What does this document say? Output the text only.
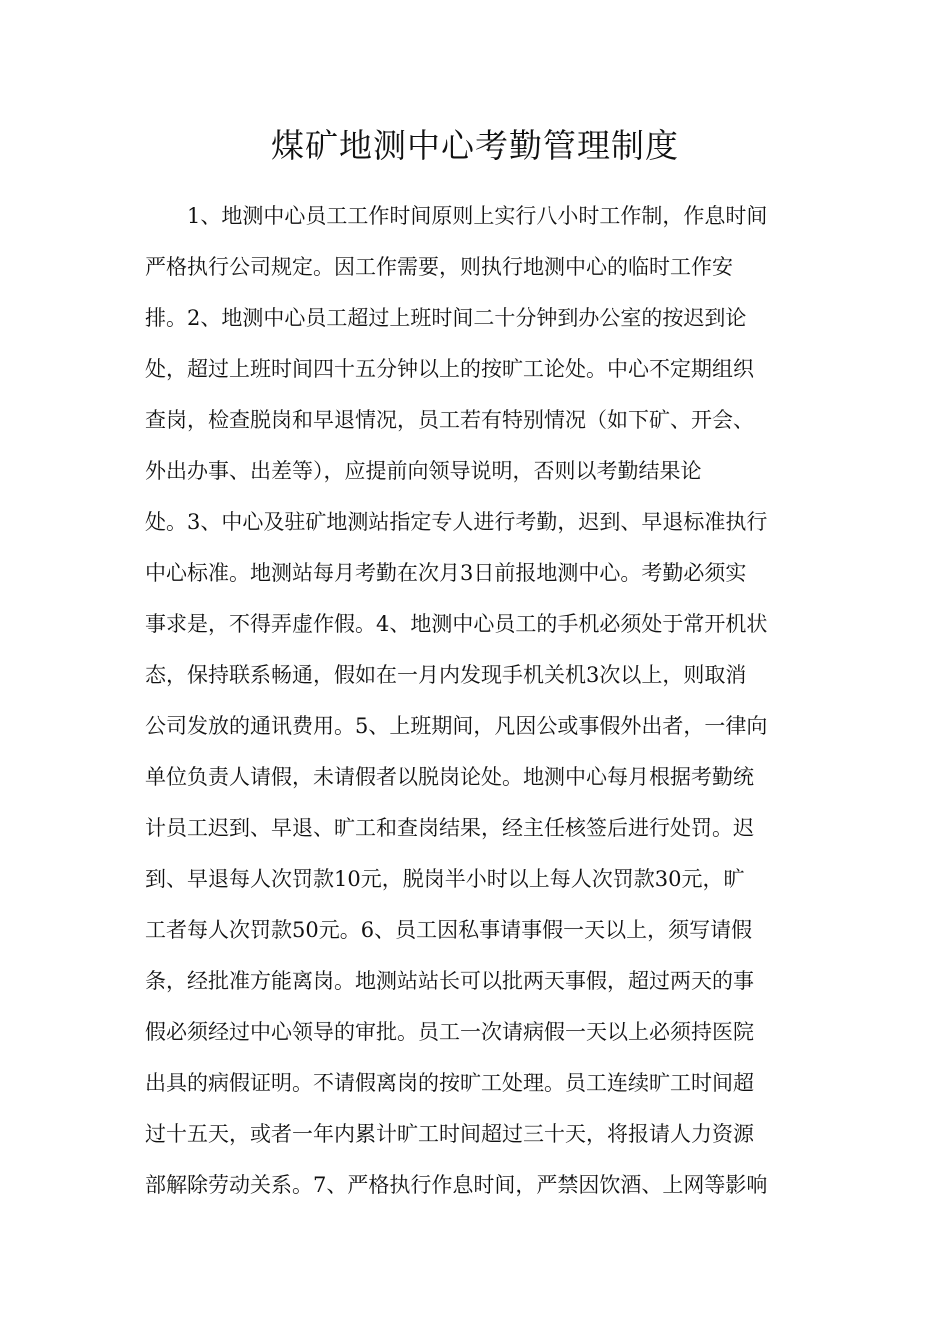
煤矿地测中心考勤管理制度
1、地测中心员工工作时间原则上实行八小时工作制，作息时间
严格执行公司规定。因工作需要，则执行地测中心的临时工作安
排。2、地测中心员工超过上班时间二十分钟到办公室的按迟到论
处，超过上班时间四十五分钟以上的按旷工论处。中心不定期组织
查岗，检查脱岗和早退情况，员工若有特别情况（如下矿、开会、
外出办事、出差等），应提前向领导说明，否则以考勤结果论
处。3、中心及驻矿地测站指定专人进行考勤，迟到、早退标准执行
中心标准。地测站每月考勤在次月3日前报地测中心。考勤必须实
事求是，不得弄虚作假。4、地测中心员工的手机必须处于常开机状
态，保持联系畅通，假如在一月内发现手机关机3次以上，则取消
公司发放的通讯费用。5、上班期间，凡因公或事假外出者，一律向
单位负责人请假，未请假者以脱岗论处。地测中心每月根据考勤统
计员工迟到、早退、旷工和查岗结果，经主任核签后进行处罚。迟
到、早退每人次罚款10元，脱岗半小时以上每人次罚款30元，旷
工者每人次罚款50元。6、员工因私事请事假一天以上，须写请假
条，经批准方能离岗。地测站站长可以批两天事假，超过两天的事
假必须经过中心领导的审批。员工一次请病假一天以上必须持医院
出具的病假证明。不请假离岗的按旷工处理。员工连续旷工时间超
过十五天，或者一年内累计旷工时间超过三十天，将报请人力资源
部解除劳动关系。7、严格执行作息时间，严禁因饮酒、上网等影响
